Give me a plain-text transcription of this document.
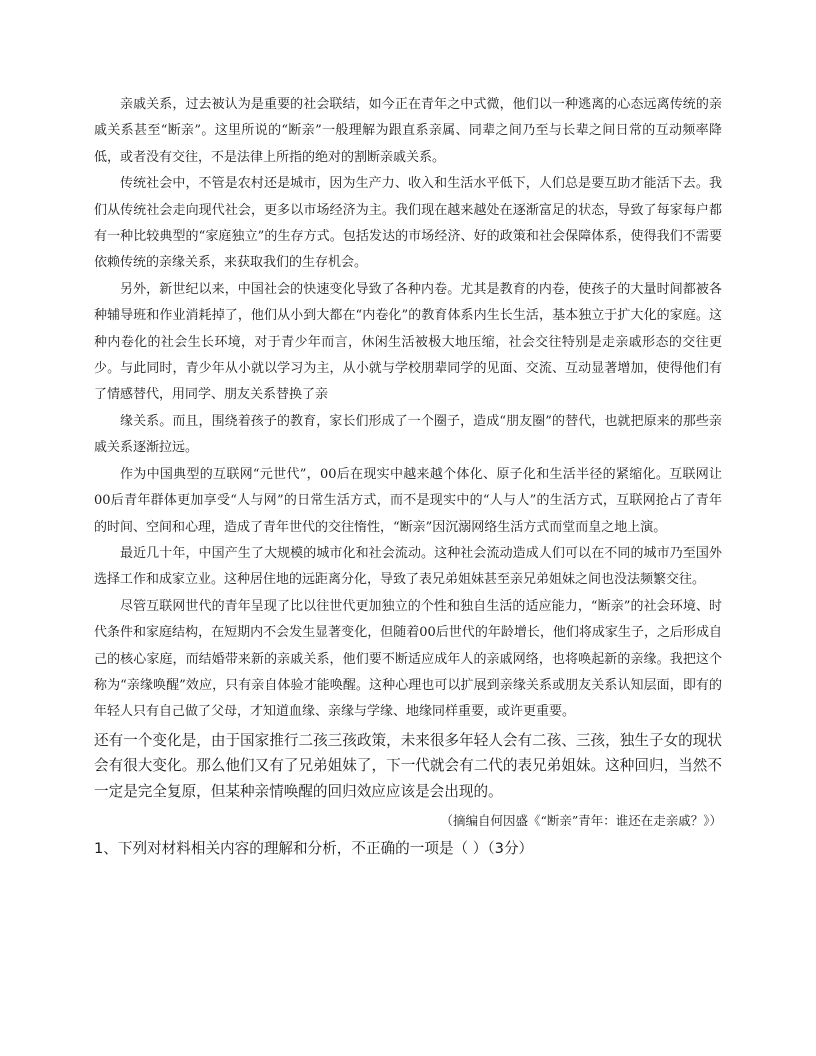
亲戚关系，过去被认为是重要的社会联结，如今正在青年之中式微，他们以一种逃离的心态远离传统的亲戚关系甚至“断亲”。这里所说的“断亲”一般理解为跟直系亲属、同辈之间乃至与长辈之间日常的互动频率降低，或者没有交往，不是法律上所指的绝对的割断亲戚关系。

传统社会中，不管是农村还是城市，因为生产力、收入和生活水平低下，人们总是要互助才能活下去。我们从传统社会走向现代社会，更多以市场经济为主。我们现在越来越处在逐渐富足的状态，导致了每家每户都有一种比较典型的“家庭独立”的生存方式。包括发达的市场经济、好的政策和社会保障体系，使得我们不需要依赖传统的亲缘关系，来获取我们的生存机会。

另外，新世纪以来，中国社会的快速变化导致了各种内卷。尤其是教育的内卷，使孩子的大量时间都被各种辅导班和作业消耗掉了，他们从小到大都在“内卷化”的教育体系内生长生活，基本独立于扩大化的家庭。这种内卷化的社会生长环境，对于青少年而言，休闲生活被极大地压缩，社会交往特别是走亲戚形态的交往更少。与此同时，青少年从小就以学习为主，从小就与学校朋辈同学的见面、交流、互动显著增加，使得他们有了情感替代，用同学、朋友关系替换了亲

缘关系。而且，围绕着孩子的教育，家长们形成了一个圈子，造成“朋友圈”的替代，也就把原来的那些亲戚关系逐渐拉远。

作为中国典型的互联网“元世代”，00后在现实中越来越个体化、原子化和生活半径的紧缩化。互联网让00后青年群体更加享受“人与网”的日常生活方式，而不是现实中的“人与人”的生活方式，互联网抢占了青年的时间、空间和心理，造成了青年世代的交往惰性，“断亲”因沉溺网络生活方式而堂而皇之地上演。

最近几十年，中国产生了大规模的城市化和社会流动。这种社会流动造成人们可以在不同的城市乃至国外选择工作和成家立业。这种居住地的远距离分化，导致了表兄弟姐妹甚至亲兄弟姐妹之间也没法频繁交往。

尽管互联网世代的青年呈现了比以往世代更加独立的个性和独自生活的适应能力，“断亲”的社会环境、时代条件和家庭结构，在短期内不会发生显著变化，但随着00后世代的年龄增长，他们将成家生子，之后形成自己的核心家庭，而结婚带来新的亲戚关系，他们要不断适应成年人的亲戚网络，也将唤起新的亲缘。我把这个称为“亲缘唤醒”效应，只有亲自体验才能唤醒。这种心理也可以扩展到亲缘关系或朋友关系认知层面，即有的年轻人只有自己做了父母，才知道血缘、亲缘与学缘、地缘同样重要，或许更重要。

还有一个变化是，由于国家推行二孩三孩政策，未来很多年轻人会有二孩、三孩，独生子女的现状会有很大变化。那么他们又有了兄弟姐妹了，下一代就会有二代的表兄弟姐妹。这种回归，当然不一定是完全复原，但某种亲情唤醒的回归效应应该是会出现的。

（摘编自何因盛《“断亲”青年：谁还在走亲戚？》）

1、下列对材料相关内容的理解和分析，不正确的一项是（ ）（3分）
